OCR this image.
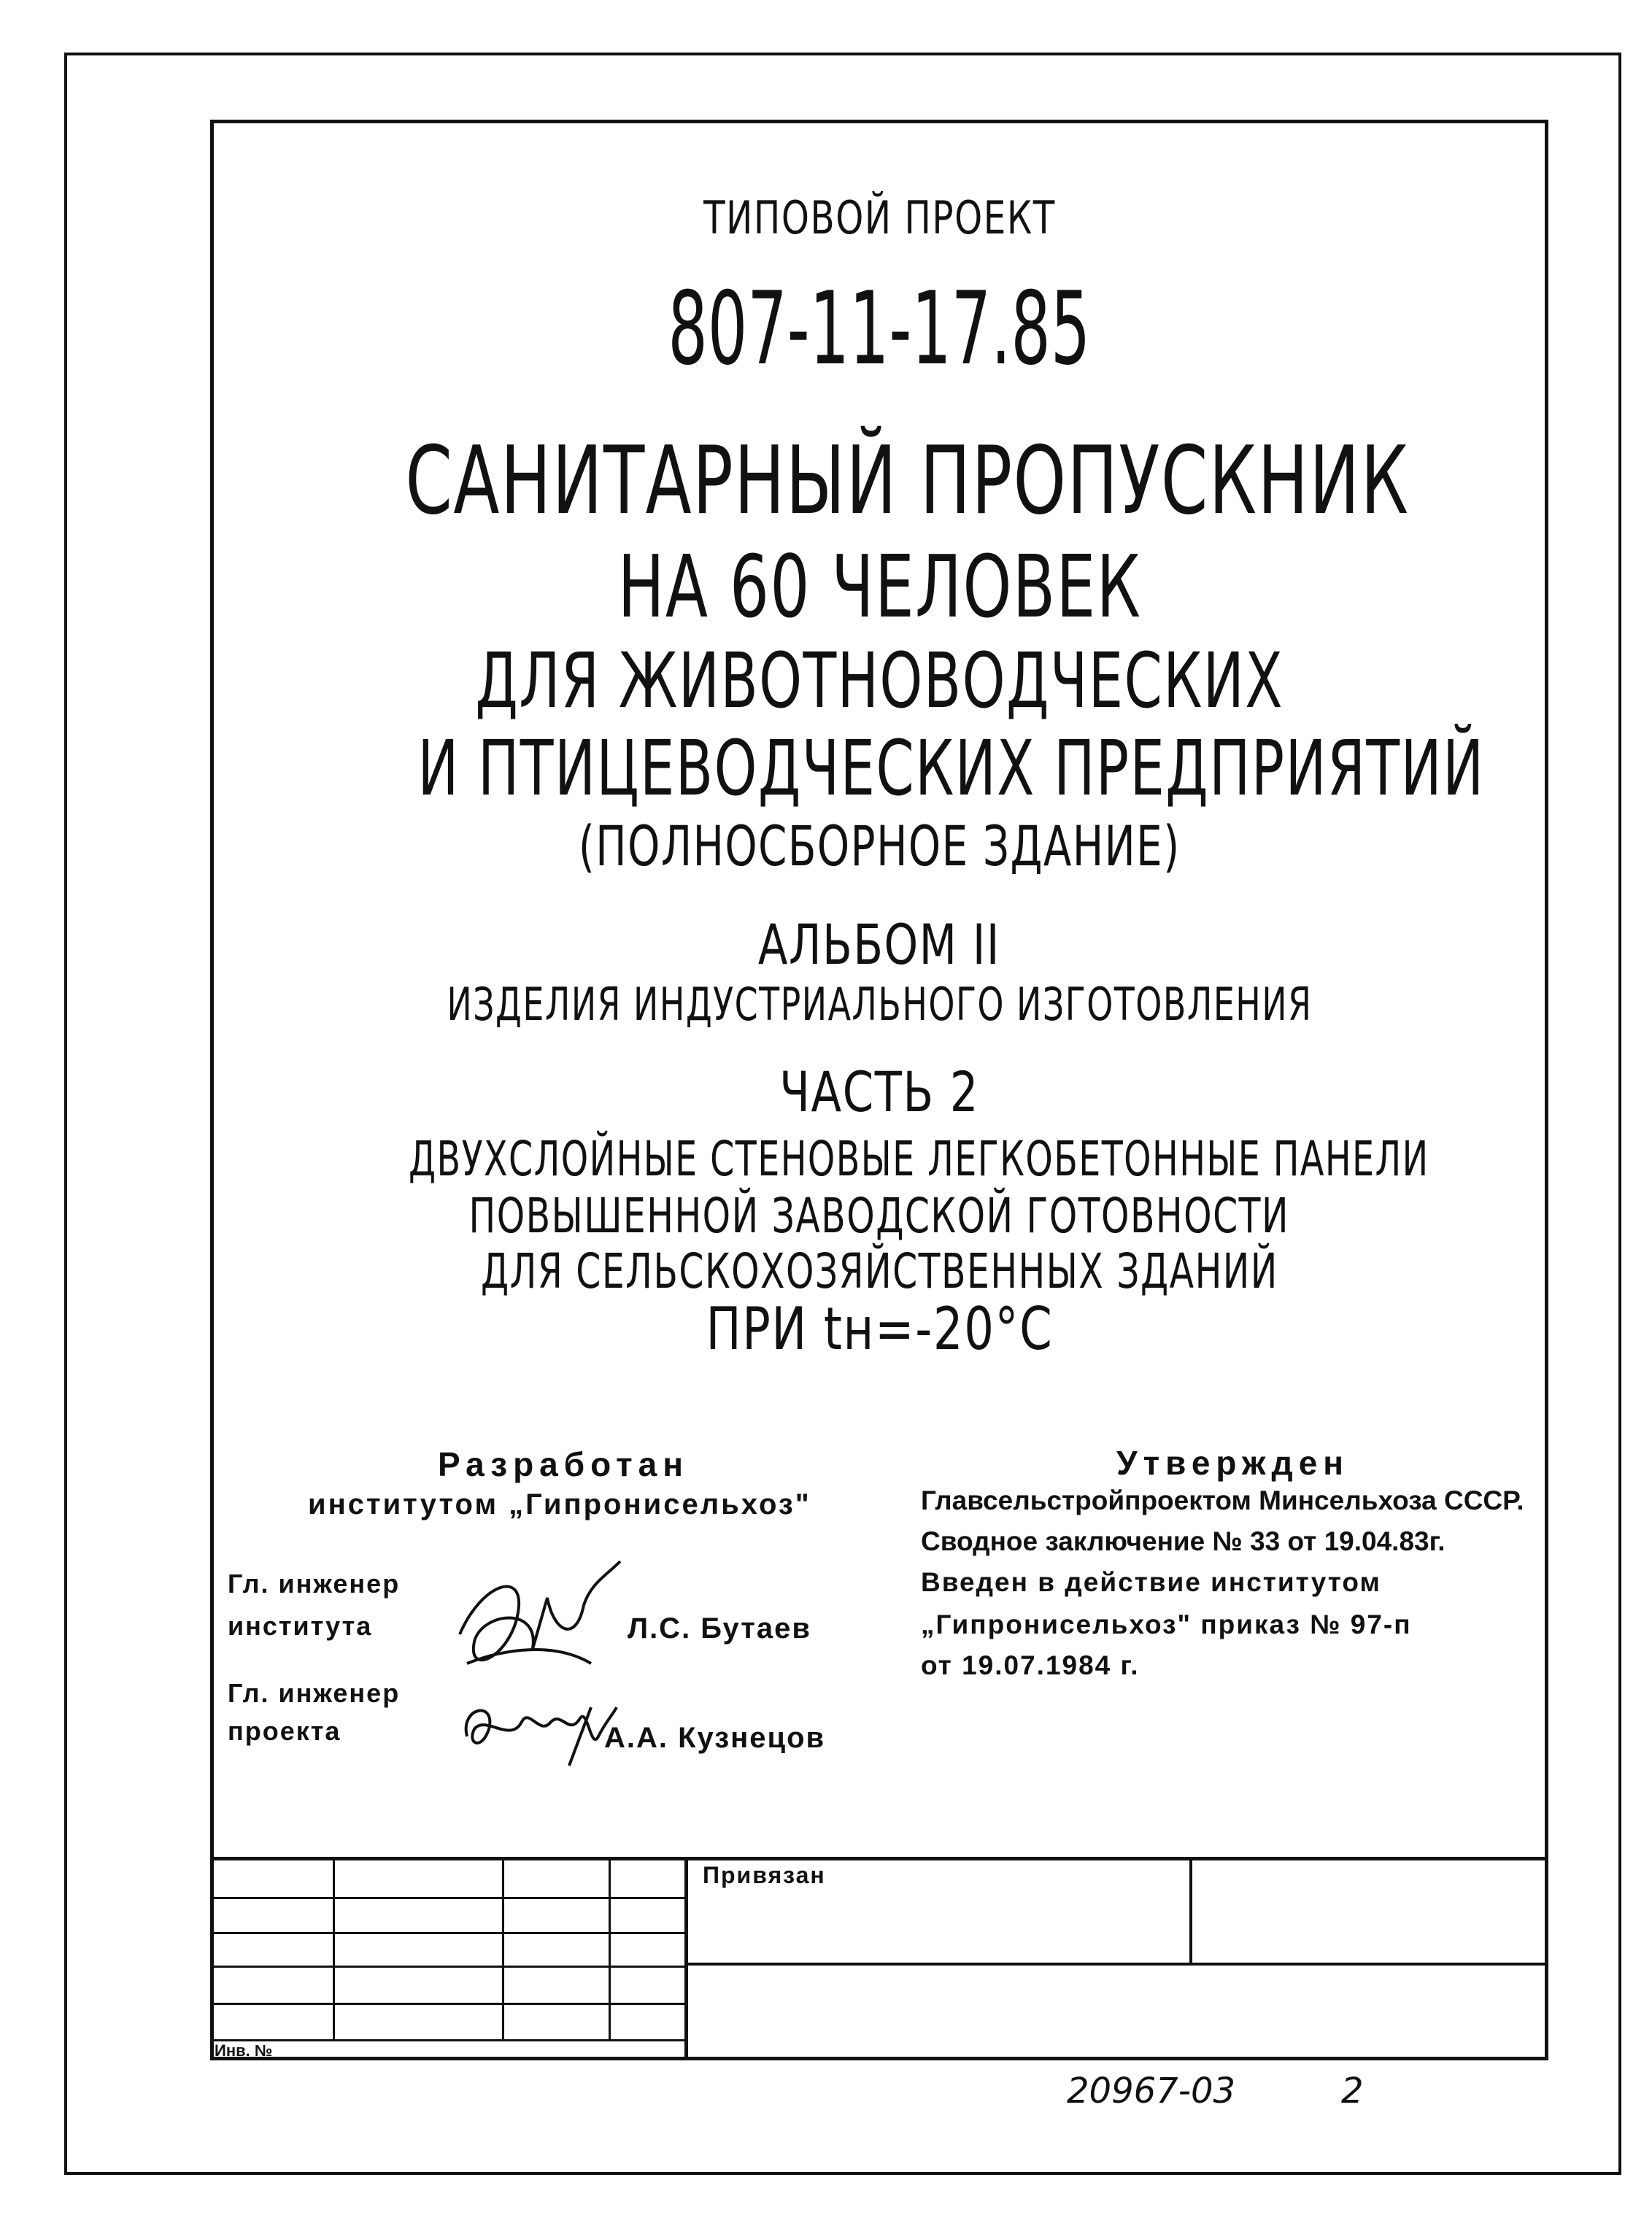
ТИПОВОЙ ПРОЕКТ
807-11-17.85
САНИТАРНЫЙ ПРОПУСКНИК
НА 60 ЧЕЛОВЕК
ДЛЯ ЖИВОТНОВОДЧЕСКИХ
И ПТИЦЕВОДЧЕСКИХ ПРЕДПРИЯТИЙ
(ПОЛНОСБОРНОЕ ЗДАНИЕ)
АЛЬБОМ II
ИЗДЕЛИЯ ИНДУСТРИАЛЬНОГО ИЗГОТОВЛЕНИЯ
ЧАСТЬ 2
ДВУХСЛОЙНЫЕ СТЕНОВЫЕ ЛЕГКОБЕТОННЫЕ ПАНЕЛИ
ПОВЫШЕННОЙ ЗАВОДСКОЙ ГОТОВНОСТИ
ДЛЯ СЕЛЬСКОХОЗЯЙСТВЕННЫХ ЗДАНИЙ
ПРИ tн=-20°C
Разработан
институтом „Гипронисельхоз"
Гл. инженер
института	Л.С. Бутаев
Гл. инженер
проекта	А.А. Кузнецов
Утвержден
Главсельстройпроектом Минсельхоза СССР.
Сводное заключение № 33 от 19.04.83г.
Введен в действие институтом
„Гипронисельхоз" приказ № 97-п
от 19.07.1984 г.
Привязан
Инв. №
20967-03	2
